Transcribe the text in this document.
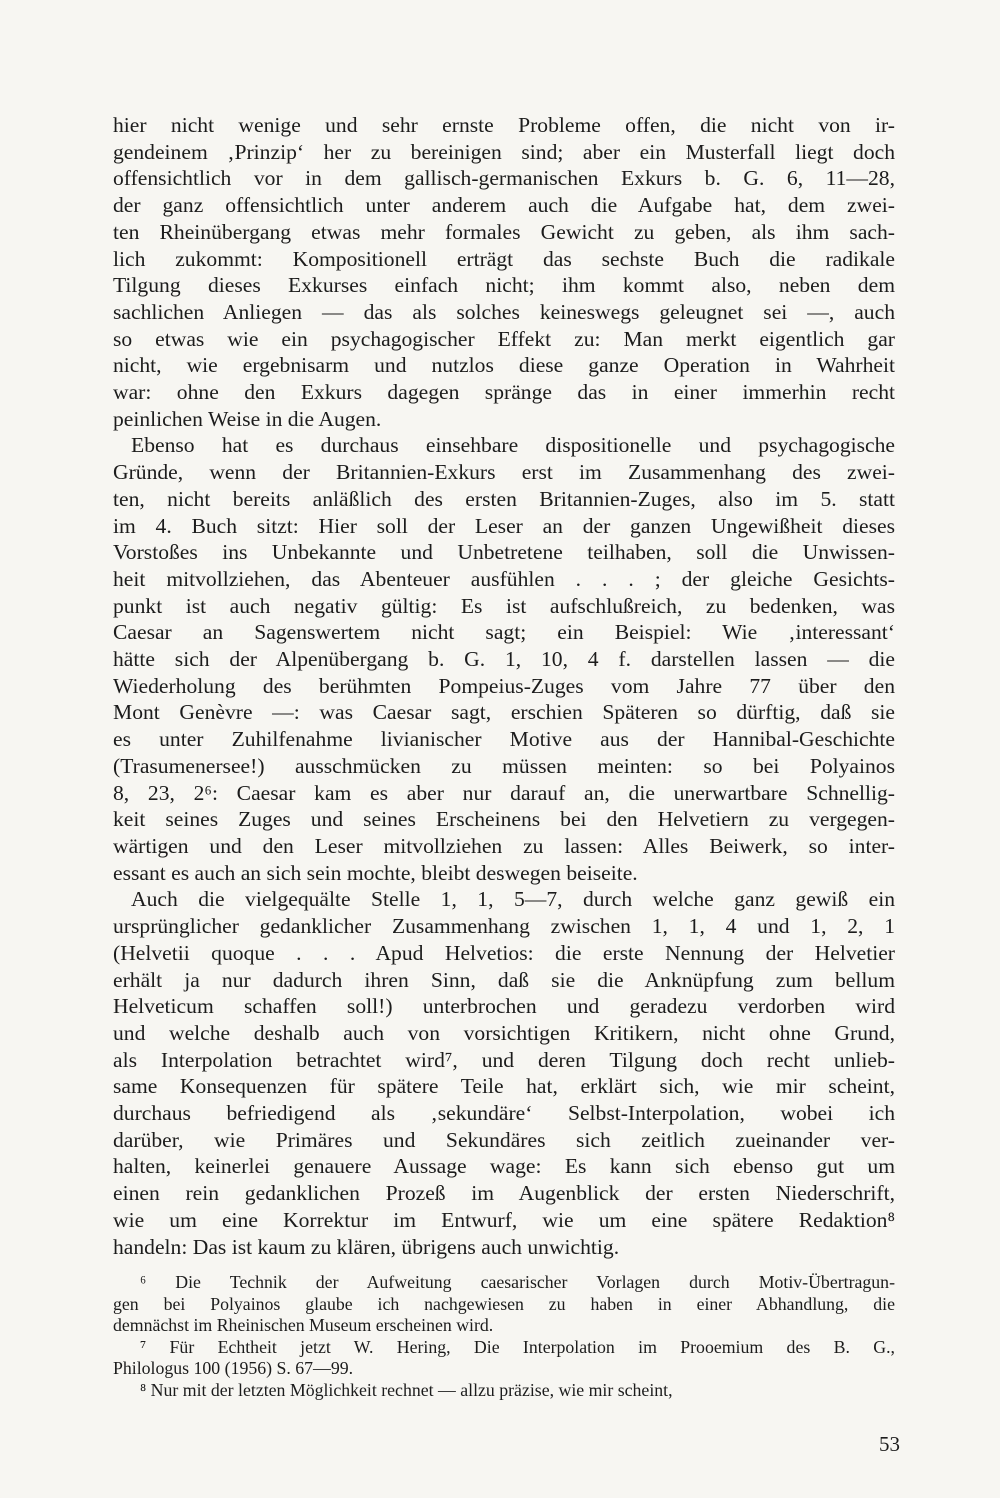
hier nicht wenige und sehr ernste Probleme offen, die nicht von ir-
gendeinem ‚Prinzip‘ her zu bereinigen sind; aber ein Musterfall liegt doch
offensichtlich vor in dem gallisch-germanischen Exkurs b. G. 6, 11—28,
der ganz offensichtlich unter anderem auch die Aufgabe hat, dem zwei-
ten Rheinübergang etwas mehr formales Gewicht zu geben, als ihm sach-
lich zukommt: Kompositionell erträgt das sechste Buch die radikale
Tilgung dieses Exkurses einfach nicht; ihm kommt also, neben dem
sachlichen Anliegen — das als solches keineswegs geleugnet sei —, auch
so etwas wie ein psychagogischer Effekt zu: Man merkt eigentlich gar
nicht, wie ergebnisarm und nutzlos diese ganze Operation in Wahrheit
war: ohne den Exkurs dagegen spränge das in einer immerhin recht
peinlichen Weise in die Augen.

Ebenso hat es durchaus einsehbare dispositionelle und psychagogische
Gründe, wenn der Britannien-Exkurs erst im Zusammenhang des zwei-
ten, nicht bereits anläßlich des ersten Britannien-Zuges, also im 5. statt
im 4. Buch sitzt: Hier soll der Leser an der ganzen Ungewißheit dieses
Vorstoßes ins Unbekannte und Unbetretene teilhaben, soll die Unwissen-
heit mitvollziehen, das Abenteuer ausfühlen . . . ; der gleiche Gesichts-
punkt ist auch negativ gültig: Es ist aufschlußreich, zu bedenken, was
Caesar an Sagenswertem nicht sagt; ein Beispiel: Wie ‚interessant‘
hätte sich der Alpenübergang b. G. 1, 10, 4 f. darstellen lassen — die
Wiederholung des berühmten Pompeius-Zuges vom Jahre 77 über den
Mont Genèvre —: was Caesar sagt, erschien Späteren so dürftig, daß sie
es unter Zuhilfenahme livianischer Motive aus der Hannibal-Geschichte
(Trasumenersee!) ausschmücken zu müssen meinten: so bei Polyainos
8, 23, 2⁶: Caesar kam es aber nur darauf an, die unerwartbare Schnellig-
keit seines Zuges und seines Erscheinens bei den Helvetiern zu vergegen-
wärtigen und den Leser mitvollziehen zu lassen: Alles Beiwerk, so inter-
essant es auch an sich sein mochte, bleibt deswegen beiseite.

Auch die vielgequälte Stelle 1, 1, 5—7, durch welche ganz gewiß ein
ursprünglicher gedanklicher Zusammenhang zwischen 1, 1, 4 und 1, 2, 1
(Helvetii quoque . . . Apud Helvetios: die erste Nennung der Helvetier
erhält ja nur dadurch ihren Sinn, daß sie die Anknüpfung zum bellum
Helveticum schaffen soll!) unterbrochen und geradezu verdorben wird
und welche deshalb auch von vorsichtigen Kritikern, nicht ohne Grund,
als Interpolation betrachtet wird⁷, und deren Tilgung doch recht unlieb-
same Konsequenzen für spätere Teile hat, erklärt sich, wie mir scheint,
durchaus befriedigend als ‚sekundäre‘ Selbst-Interpolation, wobei ich
darüber, wie Primäres und Sekundäres sich zeitlich zueinander ver-
halten, keinerlei genauere Aussage wage: Es kann sich ebenso gut um
einen rein gedanklichen Prozeß im Augenblick der ersten Niederschrift,
wie um eine Korrektur im Entwurf, wie um eine spätere Redaktion⁸
handeln: Das ist kaum zu klären, übrigens auch unwichtig.

⁶ Die Technik der Aufweitung caesarischer Vorlagen durch Motiv-Übertragun-
gen bei Polyainos glaube ich nachgewiesen zu haben in einer Abhandlung, die
demnächst im Rheinischen Museum erscheinen wird.
⁷ Für Echtheit jetzt W. Hering, Die Interpolation im Prooemium des B. G.,
Philologus 100 (1956) S. 67—99.
⁸ Nur mit der letzten Möglichkeit rechnet — allzu präzise, wie mir scheint,
53
